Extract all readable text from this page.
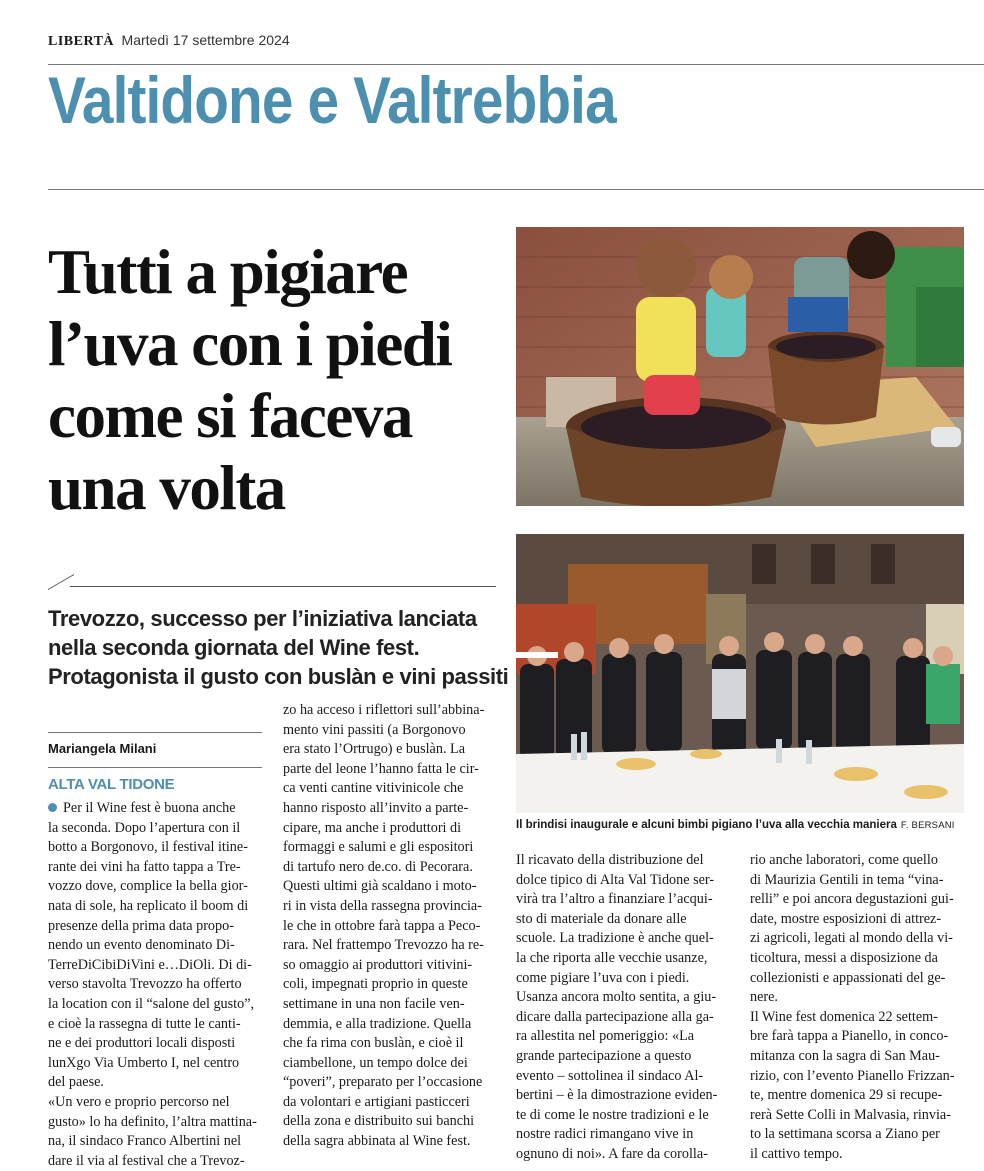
LIBERTÀ Martedì 17 settembre 2024
Valtidone e Valtrebbia
Tutti a pigiare
l’uva con i piedi
come si faceva
una volta
Trevozzo, successo per l’iniziativa lanciata
nella seconda giornata del Wine fest.
Protagonista il gusto con buslàn e vini passiti
Mariangela Milani
ALTA VAL TIDONE
Il brindisi inaugurale e alcuni bimbi pigiano l’uva alla vecchia maniera F. BERSANI
Per il Wine fest è buona anche
la seconda. Dopo l’apertura con il
botto a Borgonovo, il festival itine-
rante dei vini ha fatto tappa a Tre-
vozzo dove, complice la bella gior-
nata di sole, ha replicato il boom di
presenze della prima data propo-
nendo un evento denominato Di-
TerreDiCibiDiVini e…DiOli. Di di-
verso stavolta Trevozzo ha offerto
la location con il “salone del gusto”,
e cioè la rassegna di tutte le canti-
ne e dei produttori locali disposti
lunXgo Via Umberto I, nel centro
del paese.
«Un vero e proprio percorso nel
gusto» lo ha definito, l’altra mattina-
na, il sindaco Franco Albertini nel
dare il via al festival che a Trevoz-
zo ha acceso i riflettori sull’abbina-
mento vini passiti (a Borgonovo
era stato l’Ortrugo) e buslàn. La
parte del leone l’hanno fatta le cir-
ca venti cantine vitivinicole che
hanno risposto all’invito a parte-
cipare, ma anche i produttori di
formaggi e salumi e gli espositori
di tartufo nero de.co. di Pecorara.
Questi ultimi già scaldano i moto-
ri in vista della rassegna provincia-
le che in ottobre farà tappa a Peco-
rara. Nel frattempo Trevozzo ha re-
so omaggio ai produttori vitivini-
coli, impegnati proprio in queste
settimane in una non facile ven-
demmia, e alla tradizione. Quella
che fa rima con buslàn, e cioè il
ciambellone, un tempo dolce dei
“poveri”, preparato per l’occasione
da volontari e artigiani pasticceri
della zona e distribuito sui banchi
della sagra abbinata al Wine fest.
Il ricavato della distribuzione del
dolce tipico di Alta Val Tidone ser-
virà tra l’altro a finanziare l’acqui-
sto di materiale da donare alle
scuole. La tradizione è anche quel-
la che riporta alle vecchie usanze,
come pigiare l’uva con i piedi.
Usanza ancora molto sentita, a giu-
dicare dalla partecipazione alla ga-
ra allestita nel pomeriggio: «La
grande partecipazione a questo
evento – sottolinea il sindaco Al-
bertini – è la dimostrazione eviden-
te di come le nostre tradizioni e le
nostre radici rimangano vive in
ognuno di noi». A fare da corolla-
rio anche laboratori, come quello
di Maurizia Gentili in tema “vina-
relli” e poi ancora degustazioni gui-
date, mostre esposizioni di attrez-
zi agricoli, legati al mondo della vi-
ticoltura, messi a disposizione da
collezionisti e appassionati del ge-
nere.
Il Wine fest domenica 22 settem-
bre farà tappa a Pianello, in conco-
mitanza con la sagra di San Mau-
rizio, con l’evento Pianello Frizzan-
te, mentre domenica 29 si recupe-
rerà Sette Colli in Malvasia, rinvia-
to la settimana scorsa a Ziano per
il cattivo tempo.
